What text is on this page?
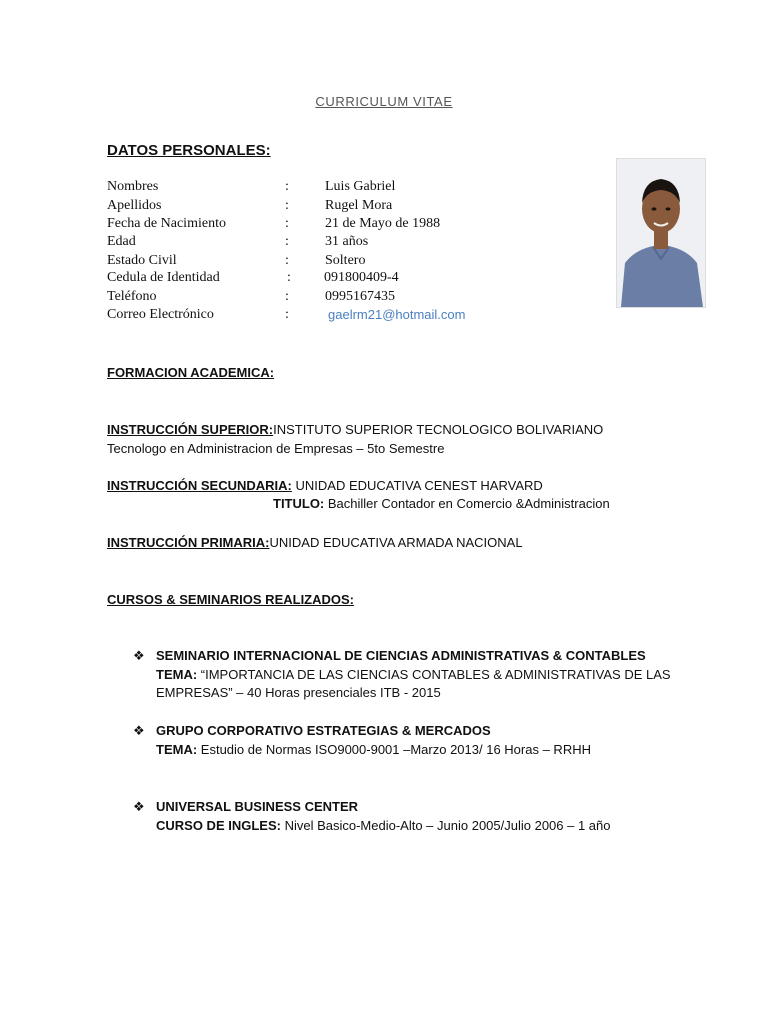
CURRICULUM VITAE
DATOS PERSONALES:
Nombres	:	Luis Gabriel
Apellidos	:	Rugel Mora
Fecha de Nacimiento	:	21 de Mayo de 1988
Edad	:	31 años
Estado Civil	:	Soltero
Cedula de Identidad	: 091800409-4
Teléfono	:	0995167435
Correo Electrónico	:	gaelrm21@hotmail.com
FORMACION ACADEMICA:
INSTRUCCIÓN SUPERIOR:INSTITUTO SUPERIOR TECNOLOGICO BOLIVARIANO
Tecnologo en Administracion de Empresas – 5to Semestre
INSTRUCCIÓN SECUNDARIA: UNIDAD EDUCATIVA CENEST HARVARD
TITULO: Bachiller Contador en Comercio &Administracion
INSTRUCCIÓN PRIMARIA:UNIDAD EDUCATIVA ARMADA NACIONAL
CURSOS & SEMINARIOS REALIZADOS:
❖ SEMINARIO INTERNACIONAL DE CIENCIAS ADMINISTRATIVAS & CONTABLES
TEMA: “IMPORTANCIA DE LAS CIENCIAS CONTABLES & ADMINISTRATIVAS DE LAS
EMPRESAS” – 40 Horas presenciales ITB - 2015
❖ GRUPO CORPORATIVO ESTRATEGIAS & MERCADOS
TEMA: Estudio de Normas ISO9000-9001 –Marzo 2013/ 16 Horas – RRHH
❖ UNIVERSAL BUSINESS CENTER
CURSO DE INGLES: Nivel Basico-Medio-Alto – Junio 2005/Julio 2006 – 1 año
